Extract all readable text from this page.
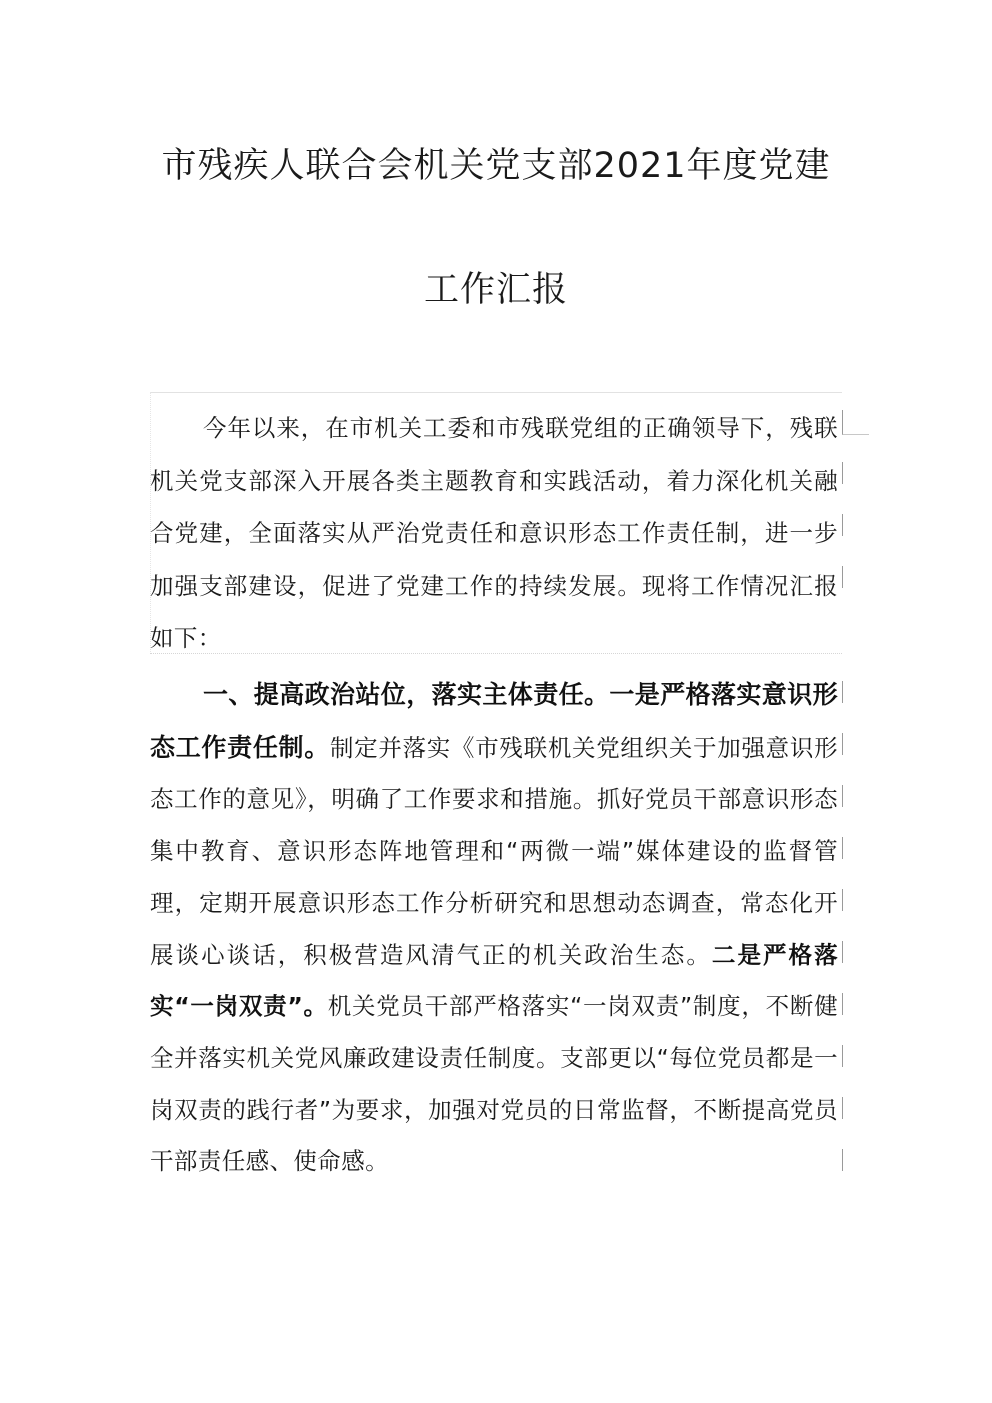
市残疾人联合会机关党支部2021年度党建
工作汇报

今年以来，在市机关工委和市残联党组的正确领导下，残联机关党支部深入开展各类主题教育和实践活动，着力深化机关融合党建，全面落实从严治党责任和意识形态工作责任制，进一步加强支部建设，促进了党建工作的持续发展。现将工作情况汇报如下：

一、提高政治站位，落实主体责任。一是严格落实意识形态工作责任制。制定并落实《市残联机关党组织关于加强意识形态工作的意见》，明确了工作要求和措施。抓好党员干部意识形态集中教育、意识形态阵地管理和“两微一端”媒体建设的监督管理，定期开展意识形态工作分析研究和思想动态调查，常态化开展谈心谈话，积极营造风清气正的机关政治生态。二是严格落实“一岗双责”。机关党员干部严格落实“一岗双责”制度，不断健全并落实机关党风廉政建设责任制度。支部更以“每位党员都是一岗双责的践行者”为要求，加强对党员的日常监督，不断提高党员干部责任感、使命感。
